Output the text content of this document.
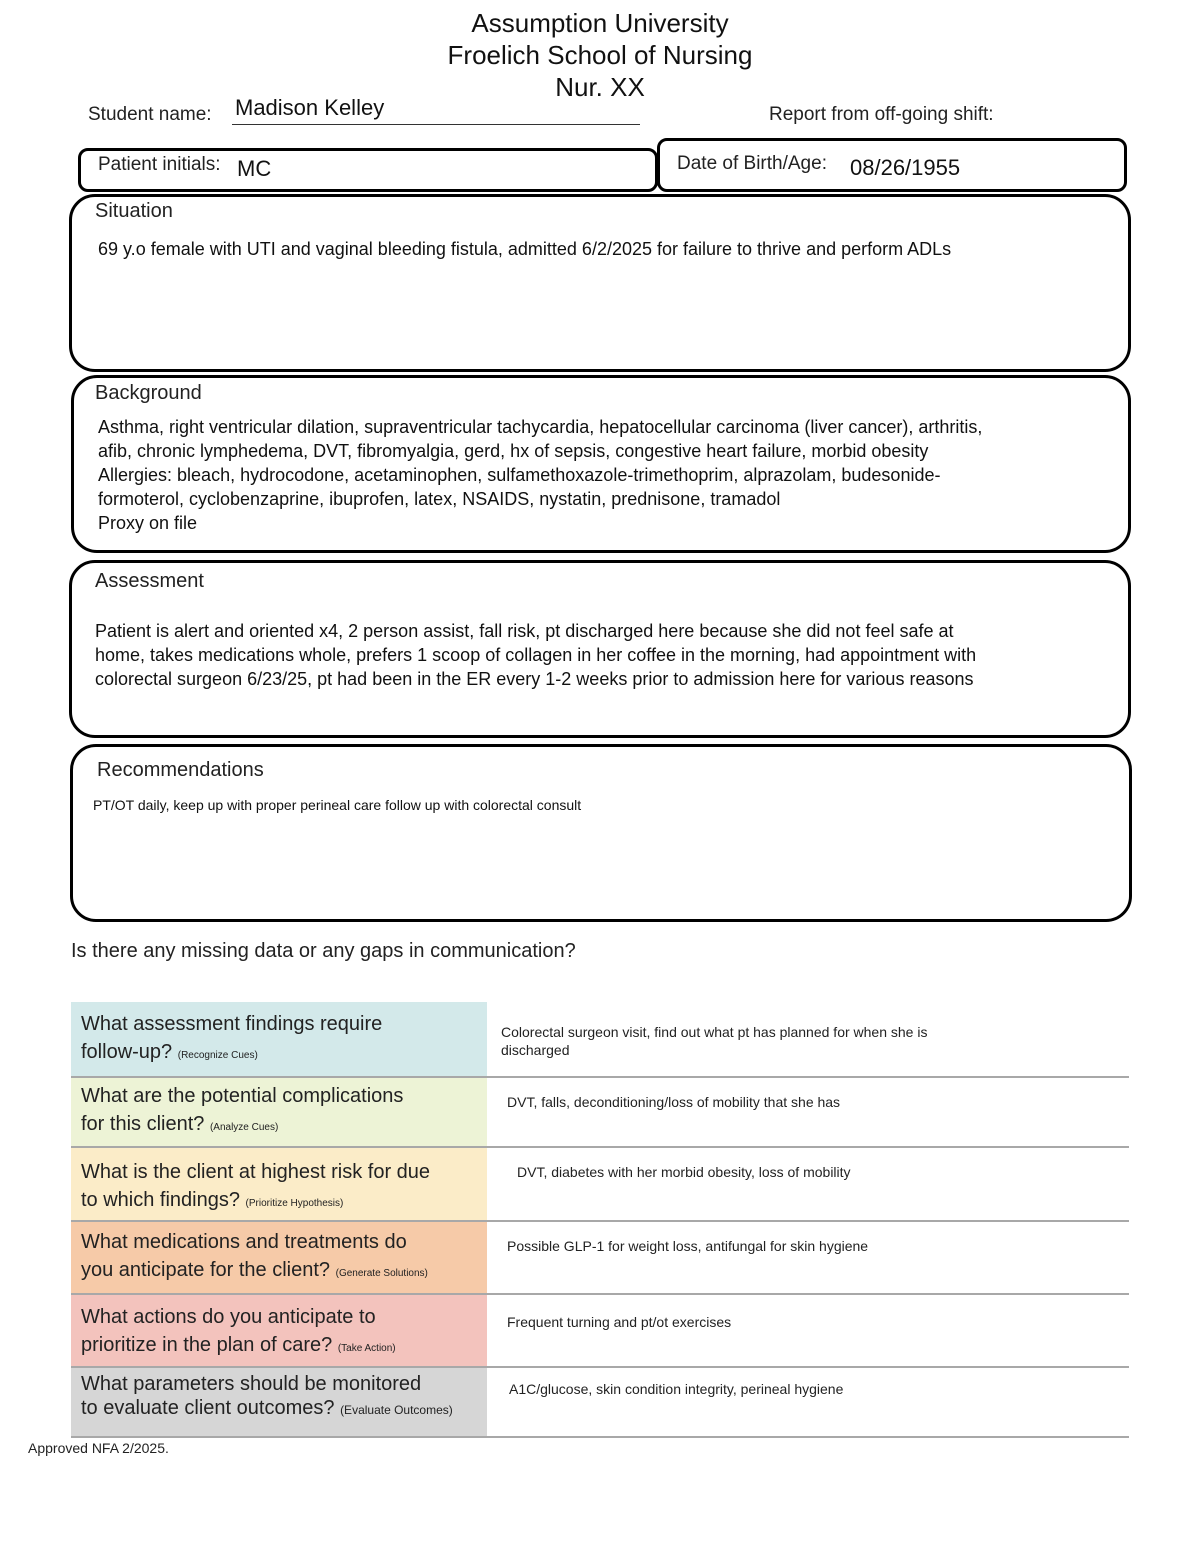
Assumption University
Froelich School of Nursing
Nur. XX
Student name: Madison Kelley	Report from off-going shift:
Patient initials: MC	Date of Birth/Age: 08/26/1955
Situation
69 y.o female with UTI and vaginal bleeding fistula, admitted 6/2/2025 for failure to thrive and perform ADLs
Background
Asthma, right ventricular dilation, supraventricular tachycardia, hepatocellular carcinoma (liver cancer), arthritis,
afib, chronic lymphedema, DVT, fibromyalgia, gerd, hx of sepsis, congestive heart failure, morbid obesity
Allergies: bleach, hydrocodone, acetaminophen, sulfamethoxazole-trimethoprim, alprazolam, budesonide-
formoterol, cyclobenzaprine, ibuprofen, latex, NSAIDS, nystatin, prednisone, tramadol
Proxy on file
Assessment
Patient is alert and oriented x4, 2 person assist, fall risk, pt discharged here because she did not feel safe at
home, takes medications whole, prefers 1 scoop of collagen in her coffee in the morning, had appointment with
colorectal surgeon 6/23/25, pt had been in the ER every 1-2 weeks prior to admission here for various reasons
Recommendations
PT/OT daily, keep up with proper perineal care follow up with colorectal consult
Is there any missing data or any gaps in communication?
What assessment findings require
follow-up? (Recognize Cues)
Colorectal surgeon visit, find out what pt has planned for when she is
discharged
What are the potential complications
for this client? (Analyze Cues)
DVT, falls, deconditioning/loss of mobility that she has
What is the client at highest risk for due
to which findings? (Prioritize Hypothesis)
DVT, diabetes with her morbid obesity, loss of mobility
What medications and treatments do
you anticipate for the client? (Generate Solutions)
Possible GLP-1 for weight loss, antifungal for skin hygiene
What actions do you anticipate to
prioritize in the plan of care? (Take Action)
Frequent turning and pt/ot exercises
What parameters should be monitored
to evaluate client outcomes? (Evaluate Outcomes)
A1C/glucose, skin condition integrity, perineal hygiene
Approved NFA 2/2025.
